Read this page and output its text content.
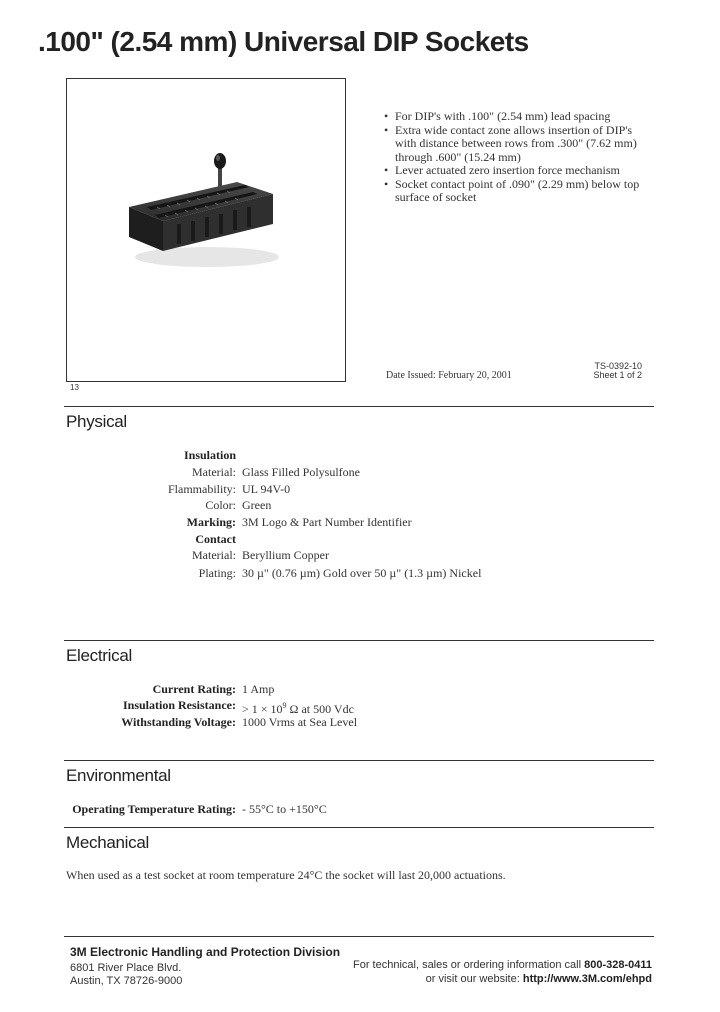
.100" (2.54 mm) Universal DIP Sockets
13
• For DIP's with .100" (2.54 mm) lead spacing
• Extra wide contact zone allows insertion of DIP's with distance between rows from .300" (7.62 mm) through .600" (15.24 mm)
• Lever actuated zero insertion force mechanism
• Socket contact point of .090" (2.29 mm) below top surface of socket
TS-0392-10
Date Issued: February 20, 2001	Sheet 1 of 2
Physical
Insulation
Material: Glass Filled Polysulfone
Flammability: UL 94V-0
Color: Green
Marking: 3M Logo & Part Number Identifier
Contact
Material: Beryllium Copper
Plating: 30 µ" (0.76 µm) Gold over 50 µ" (1.3 µm) Nickel
Electrical
Current Rating: 1 Amp
Insulation Resistance: > $1 \times 10^9$ Ω at 500 Vdc
Withstanding Voltage: 1000 Vrms at Sea Level
Environmental
Operating Temperature Rating: - 55°C to +150°C
Mechanical
When used as a test socket at room temperature 24°C the socket will last 20,000 actuations.
3M Electronic Handling and Protection Division
6801 River Place Blvd.
Austin, TX 78726-9000
For technical, sales or ordering information call 800-328-0411
or visit our website: http://www.3M.com/ehpd
